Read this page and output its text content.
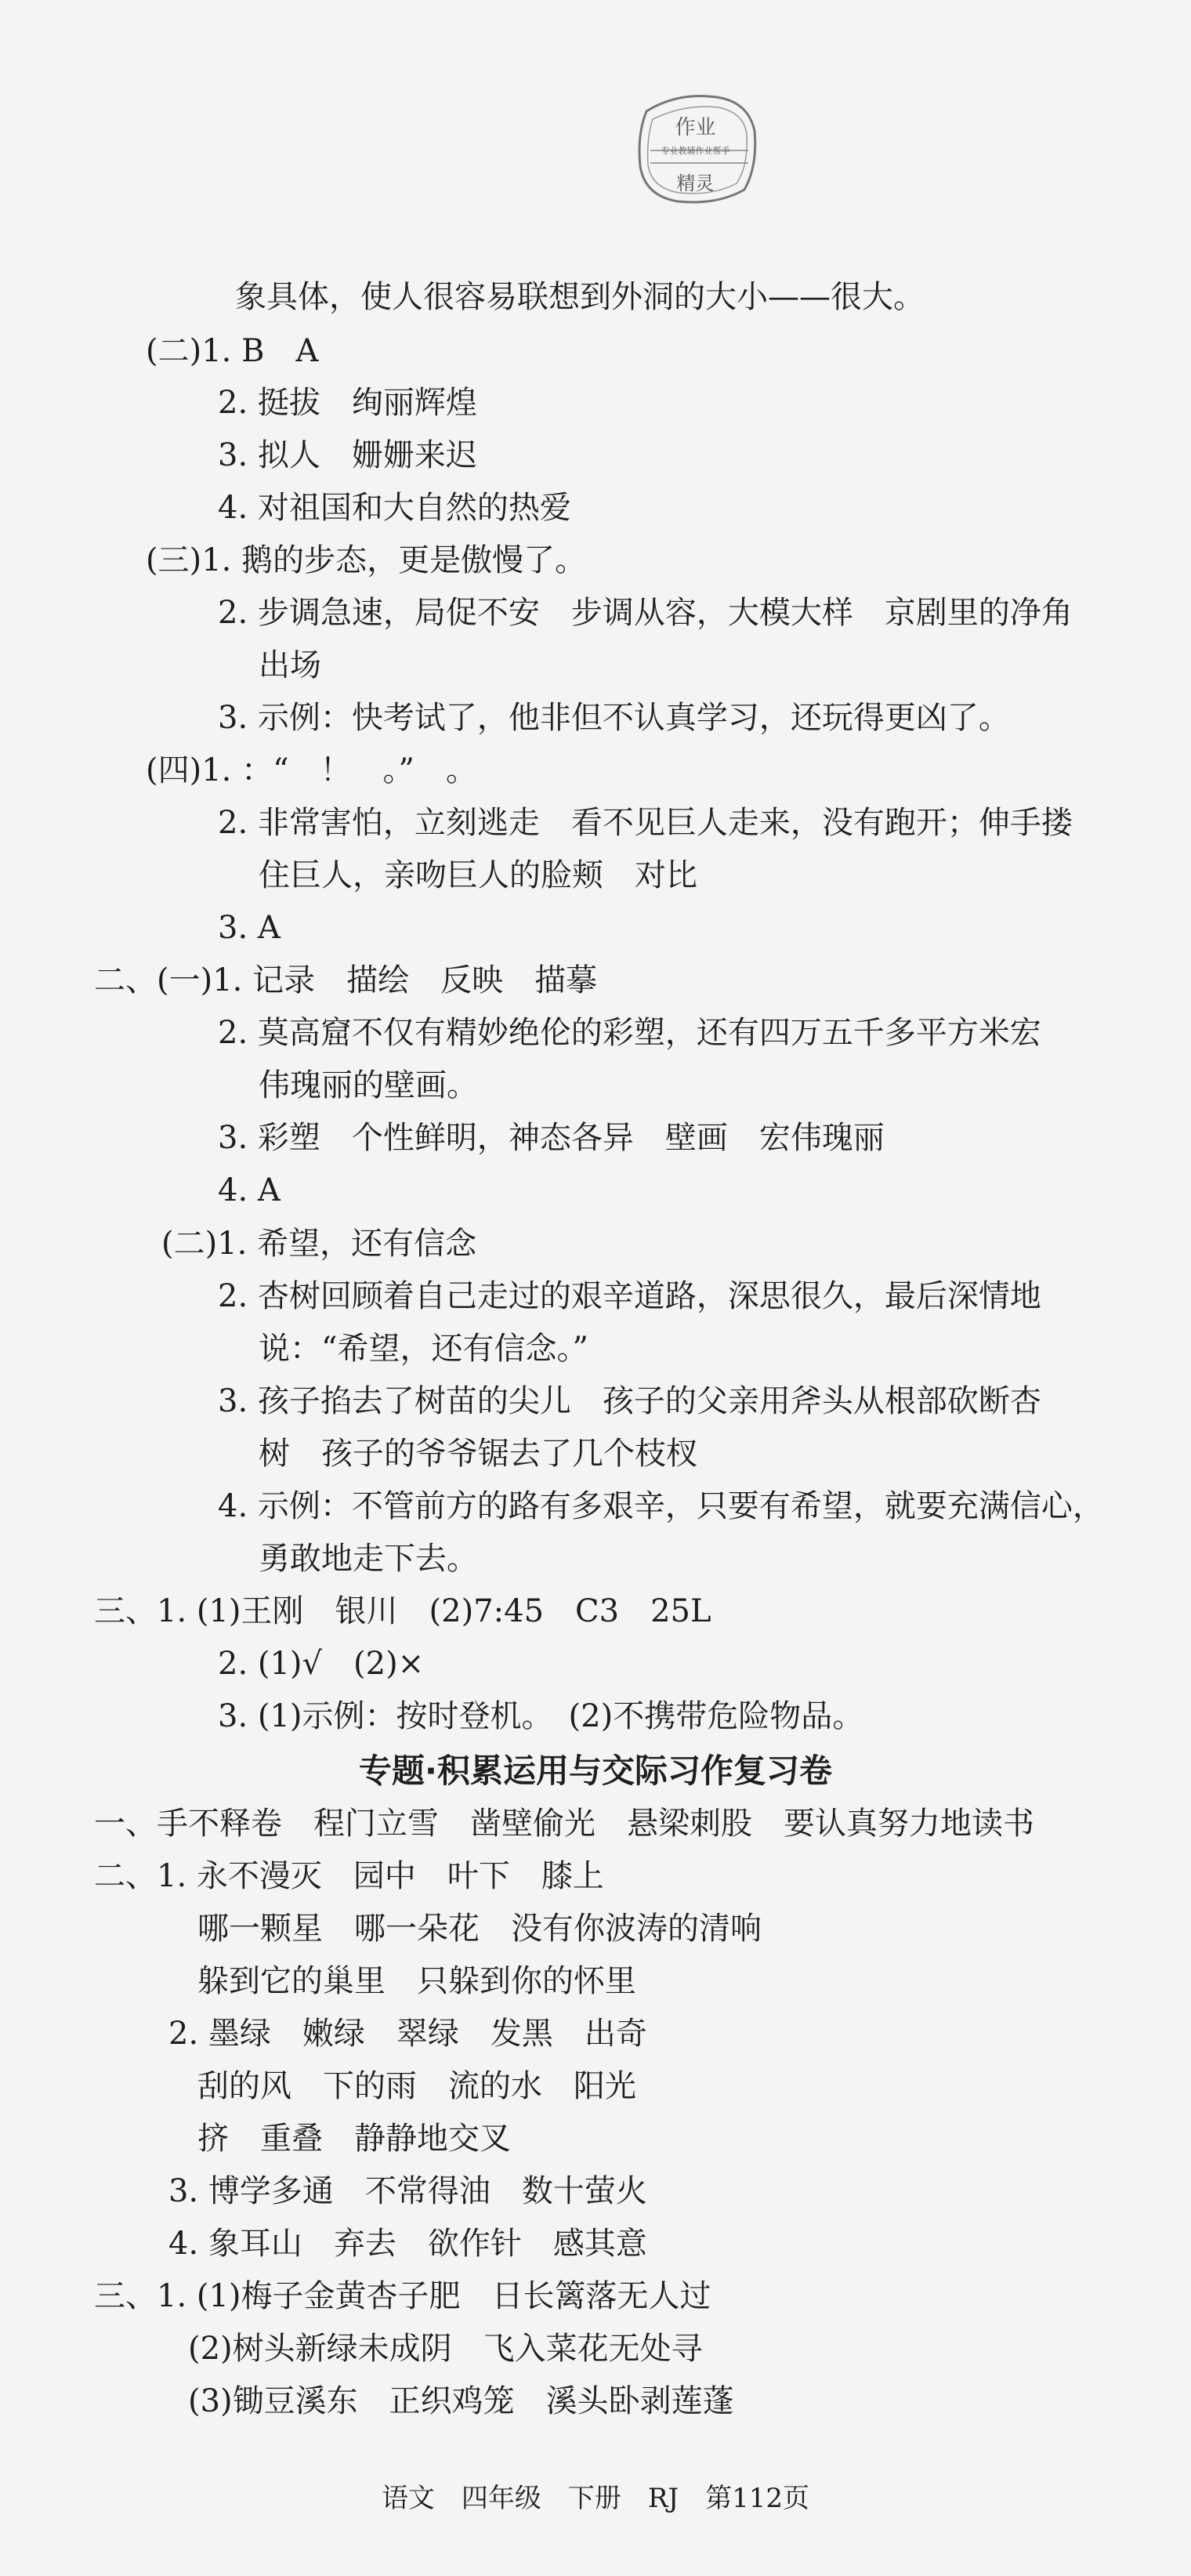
作业
专业教辅作业帮手
精灵
象具体，使人很容易联想到外洞的大小——很大。
(二)1. B　A
2. 挺拔　绚丽辉煌
3. 拟人　姗姗来迟
4. 对祖国和大自然的热爱
(三)1. 鹅的步态，更是傲慢了。
2. 步调急速，局促不安　步调从容，大模大样　京剧里的净角
出场
3. 示例：快考试了，他非但不认真学习，还玩得更凶了。
(四)1. ：“　！　。”　。
2. 非常害怕，立刻逃走　看不见巨人走来，没有跑开；伸手搂
住巨人，亲吻巨人的脸颊　对比
3. A
二、(一)1. 记录　描绘　反映　描摹
2. 莫高窟不仅有精妙绝伦的彩塑，还有四万五千多平方米宏
伟瑰丽的壁画。
3. 彩塑　个性鲜明，神态各异　壁画　宏伟瑰丽
4. A
(二)1. 希望，还有信念
2. 杏树回顾着自己走过的艰辛道路，深思很久，最后深情地
说：“希望，还有信念。”
3. 孩子掐去了树苗的尖儿　孩子的父亲用斧头从根部砍断杏
树　孩子的爷爷锯去了几个枝杈
4. 示例：不管前方的路有多艰辛，只要有希望，就要充满信心，
勇敢地走下去。
三、1. (1)王刚　银川　(2)7:45　C3　25L
2. (1)√　(2)×
3. (1)示例：按时登机。　(2)不携带危险物品。
专题·积累运用与交际习作复习卷
一、手不释卷　程门立雪　凿壁偷光　悬梁刺股　要认真努力地读书
二、1. 永不漫灭　园中　叶下　膝上
哪一颗星　哪一朵花　没有你波涛的清响
躲到它的巢里　只躲到你的怀里
2. 墨绿　嫩绿　翠绿　发黑　出奇
刮的风　下的雨　流的水　阳光
挤　重叠　静静地交叉
3. 博学多通　不常得油　数十萤火
4. 象耳山　弃去　欲作针　感其意
三、1. (1)梅子金黄杏子肥　日长篱落无人过
(2)树头新绿未成阴　飞入菜花无处寻
(3)锄豆溪东　正织鸡笼　溪头卧剥莲蓬
语文　四年级　下册　RJ　第112页
